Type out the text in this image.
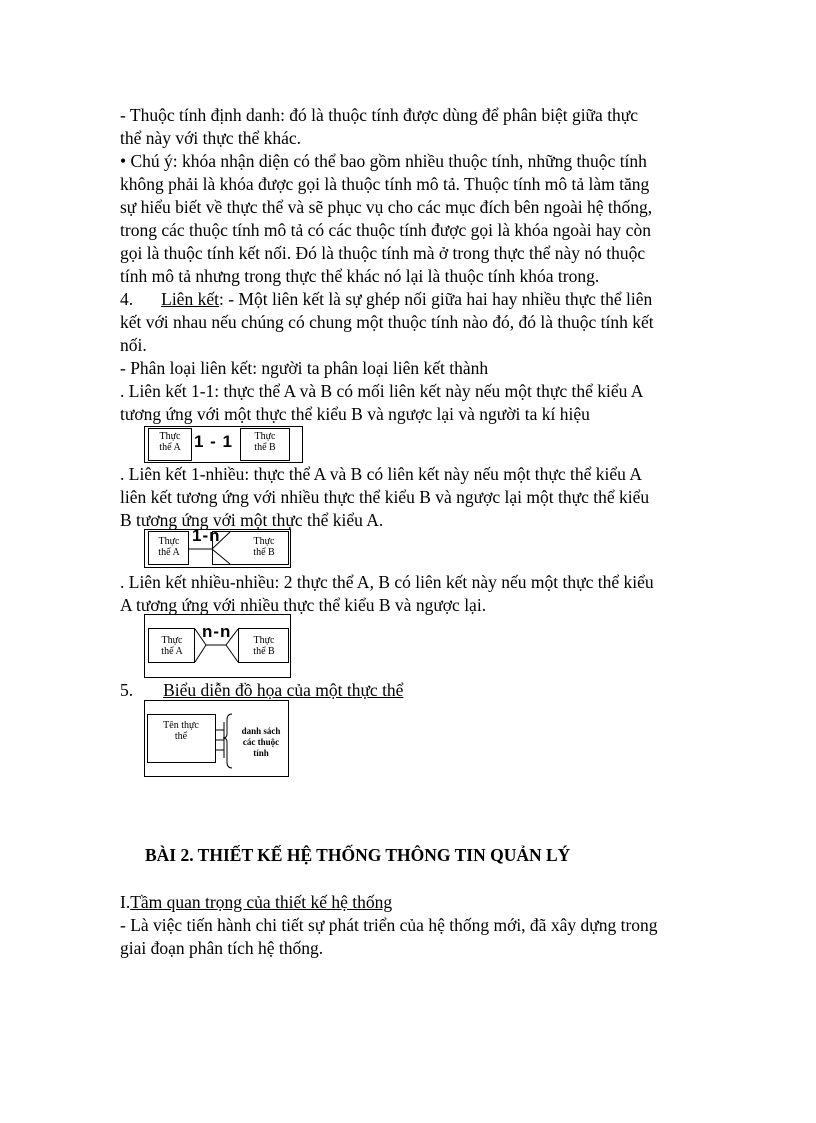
- Thuộc tính định danh: đó là thuộc tính được dùng để phân biệt giữa thực
thể này với thực thể khác.
• Chú ý: khóa nhận diện có thể bao gồm nhiều thuộc tính, những thuộc tính
không phải là khóa được gọi là thuộc tính mô tả. Thuộc tính mô tả làm tăng
sự hiểu biết về thực thể và sẽ phục vụ cho các mục đích bên ngoài hệ thống,
trong các thuộc tính mô tả có các thuộc tính được gọi là khóa ngoài hay còn
gọi là thuộc tính kết nối. Đó là thuộc tính mà ở trong thực thể này nó thuộc
tính mô tả nhưng trong thực thể khác nó lại là thuộc tính khóa trong.
4. Liên kết: - Một liên kết là sự ghép nối giữa hai hay nhiều thực thể liên
kết với nhau nếu chúng có chung một thuộc tính nào đó, đó là thuộc tính kết
nối.
- Phân loại liên kết: người ta phân loại liên kết thành
. Liên kết 1-1: thực thể A và B có mối liên kết này nếu một thực thể kiểu A
tương ứng với một thực thể kiểu B và ngược lại và người ta kí hiệu
Thực
thể A 1 - 1	Thực
thể B
. Liên kết 1-nhiều: thực thể A và B có liên kết này nếu một thực thể kiểu A
liên kết tương ứng với nhiều thực thể kiểu B và ngược lại một thực thể kiểu
B tương ứng với một thực thể kiểu A.
Thực
thể A
1-n	Thực
thể B
. Liên kết nhiều-nhiều: 2 thực thể A, B có liên kết này nếu một thực thể kiểu
A tương ứng với nhiều thực thể kiểu B và ngược lại.
Thực
thể A
n-n	Thực
thể B
5. Biểu diễn đồ họa của một thực thể
Tên thực
thể	danh sách
các thuộc
tính
BÀI 2. THIẾT KẾ HỆ THỐNG THÔNG TIN QUẢN LÝ
I.Tầm quan trọng của thiết kế hệ thống
- Là việc tiến hành chi tiết sự phát triển của hệ thống mới, đã xây dựng trong
giai đoạn phân tích hệ thống.
